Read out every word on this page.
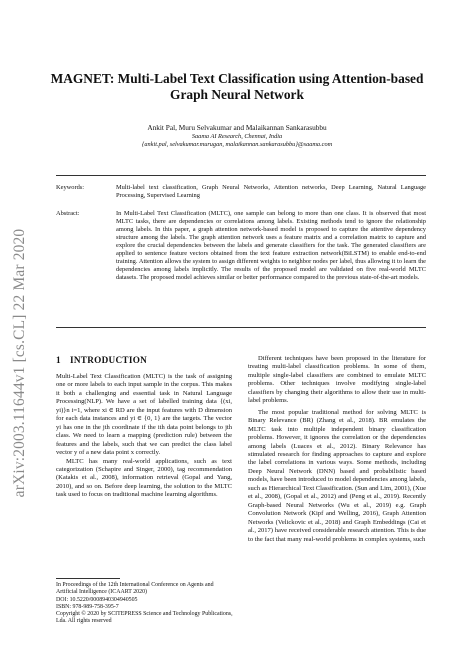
arXiv:2003.11644v1 [cs.CL] 22 Mar 2020
MAGNET: Multi-Label Text Classification using Attention-based Graph Neural Network
Ankit Pal, Muru Selvakumar and Malaikannan Sankarasubbu
Saama AI Research, Chennai, India
{ankit.pal, selvakumar.murugan, malaikannan.sankarasubbu}@saama.com
Keywords:	Multi-label text classification, Graph Neural Networks, Attention networks, Deep Learning, Natural Language Processing, Supervised Learning
Abstract:	In Multi-Label Text Classification (MLTC), one sample can belong to more than one class. It is observed that most MLTC tasks, there are dependencies or correlations among labels. Existing methods tend to ignore the relationship among labels. In this paper, a graph attention network-based model is proposed to capture the attentive dependency structure among the labels. The graph attention network uses a feature matrix and a correlation matrix to capture and explore the crucial dependencies between the labels and generate classifiers for the task. The generated classifiers are applied to sentence feature vectors obtained from the text feature extraction network(BiLSTM) to enable end-to-end training. Attention allows the system to assign different weights to neighbor nodes per label, thus allowing it to learn the dependencies among labels implicitly. The results of the proposed model are validated on five real-world MLTC datasets. The proposed model achieves similar or better performance compared to the previous state-of-the-art models.
1 INTRODUCTION

Multi-Label Text Classification (MLTC) is the task of assigning one or more labels to each input sample in the corpus. This makes it both a challenging and essential task in Natural Language Processing(NLP). We have a set of labelled training data {(xi, yi)}n i=1, where xi ∈ RD are the input features with D dimension for each data instances and yi ∈ {0, 1} are the targets. The vector yi has one in the jth coordinate if the ith data point belongs to jth class. We need to learn a mapping (prediction rule) between the features and the labels, such that we can predict the class label vector y of a new data point x correctly.

MLTC has many real-world applications, such as text categorization (Schapire and Singer, 2000), tag recommendation (Katakis et al., 2008), information retrieval (Gopal and Yang, 2010), and so on. Before deep learning, the solution to the MLTC task used to focus on traditional machine learning algorithms.

Different techniques have been proposed in the literature for treating multi-label classification problems. In some of them, multiple single-label classifiers are combined to emulate MLTC problems. Other techniques involve modifying single-label classifiers by changing their algorithms to allow their use in multi-label problems.

The most popular traditional method for solving MLTC is Binary Relevance (BR) (Zhang et al., 2018). BR emulates the MLTC task into multiple independent binary classification problems. However, it ignores the correlation or the dependencies among labels (Luaces et al., 2012). Binary Relevance has stimulated research for finding approaches to capture and explore the label correlations in various ways. Some methods, including Deep Neural Network (DNN) based and probabilistic based models, have been introduced to model dependencies among labels, such as Hierarchical Text Classification. (Sun and Lim, 2001), (Xue et al., 2008), (Gopal et al., 2012) and (Peng et al., 2019). Recently Graph-based Neural Networks (Wu et al., 2019) e.g. Graph Convolution Network (Kipf and Welling, 2016), Graph Attention Networks (Velickovic et al., 2018) and Graph Embeddings (Cai et al., 2017) have received considerable research attention. This is due to the fact that many real-world problems in complex systems, such

In Proceedings of the 12th International Conference on Agents and Artificial Intelligence (ICAART 2020)
DOI: 10.5220/0008940304940505
ISBN: 978-989-758-395-7
Copyright © 2020 by SCITEPRESS Science and Technology Publications, Lda. All rights reserved
